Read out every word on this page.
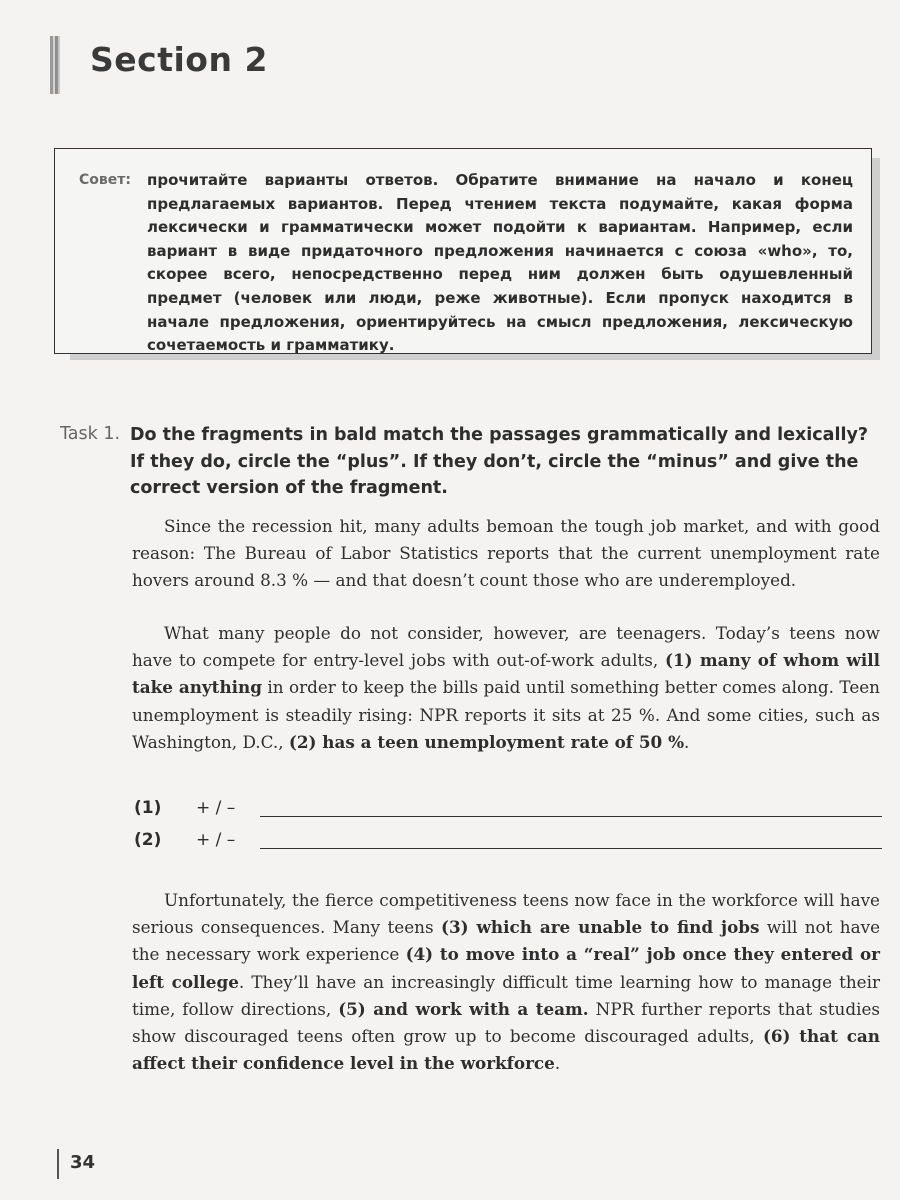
Section 2
Совет: прочитайте варианты ответов. Обратите внимание на начало и конец предлагаемых вариантов. Перед чтением текста подумайте, какая форма лексически и грамматически может подойти к вариантам. Например, если вариант в виде придаточного предложения начинается с союза «who», то, скорее всего, непосредственно перед ним должен быть одушевленный предмет (человек или люди, реже животные). Если пропуск находится в начале предложения, ориентируйтесь на смысл предложения, лексическую сочетаемость и грамматику.

Task 1. Do the fragments in bald match the passages grammatically and lexically? If they do, circle the “plus”. If they don’t, circle the “minus” and give the correct version of the fragment.

Since the recession hit, many adults bemoan the tough job market, and with good reason: The Bureau of Labor Statistics reports that the current unemployment rate hovers around 8.3 % — and that doesn’t count those who are underemployed.

What many people do not consider, however, are teenagers. Today’s teens now have to compete for entry-level jobs with out-of-work adults, (1) many of whom will take anything in order to keep the bills paid until something better comes along. Teen unemployment is steadily rising: NPR reports it sits at 25 %. And some cities, such as Washington, D.C., (2) has a teen unemployment rate of 50 %.

(1) + / –
(2) + / –

Unfortunately, the fierce competitiveness teens now face in the workforce will have serious consequences. Many teens (3) which are unable to find jobs will not have the necessary work experience (4) to move into a “real” job once they entered or left college. They’ll have an increasingly difficult time learning how to manage their time, follow directions, (5) and work with a team. NPR further reports that studies show discouraged teens often grow up to become discouraged adults, (6) that can affect their confidence level in the workforce.

34
